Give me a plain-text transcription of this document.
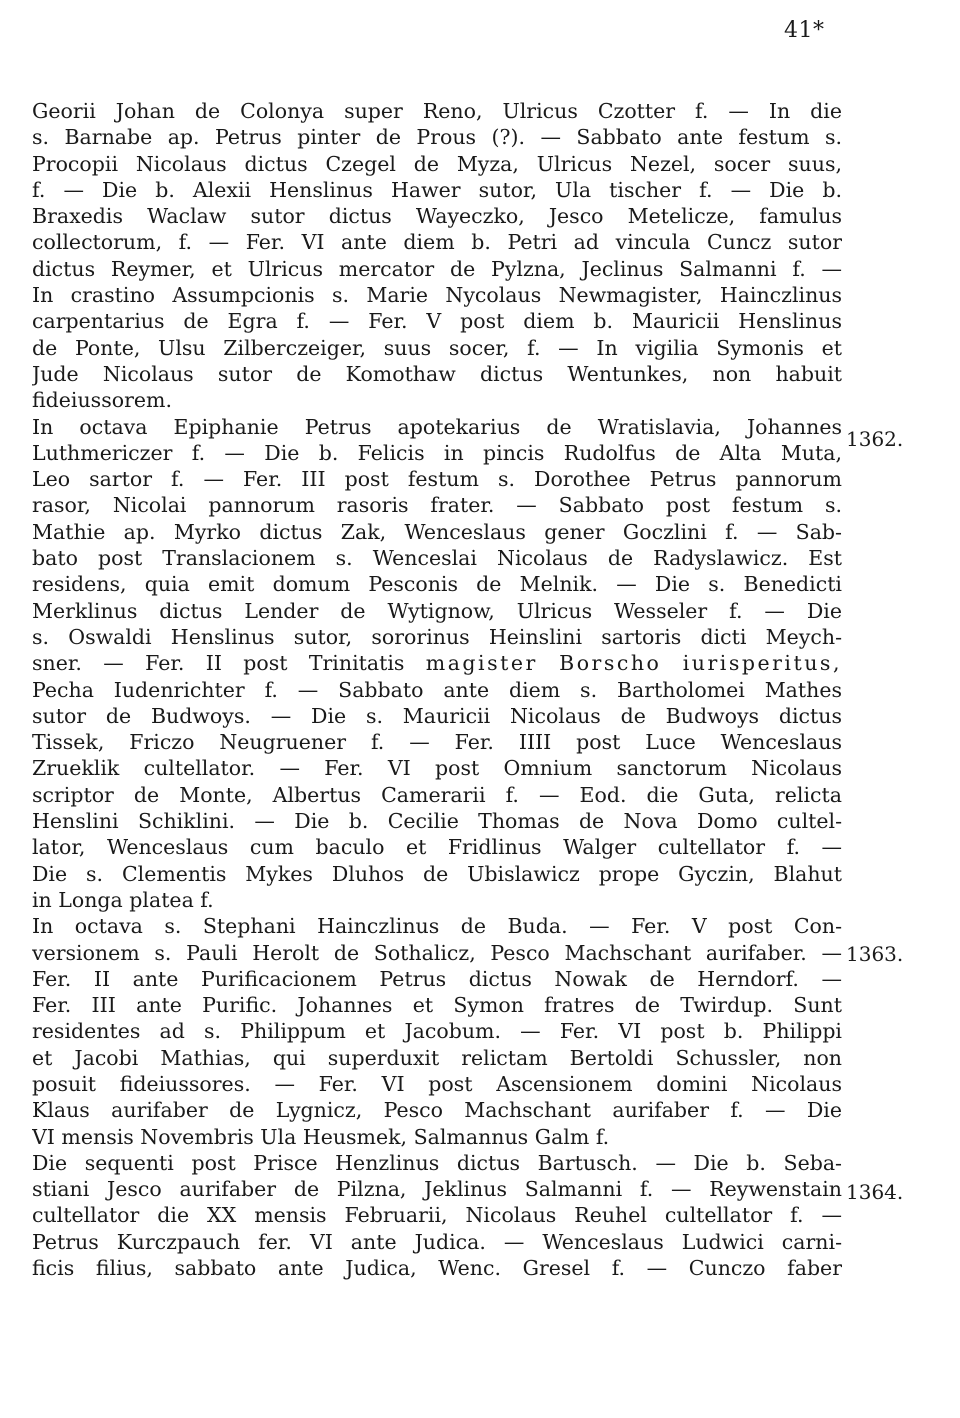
41*
Georii Johan de Colonya super Reno, Ulricus Czotter f. — In die
s. Barnabe ap. Petrus pinter de Prous (?). — Sabbato ante festum s.
Procopii Nicolaus dictus Czegel de Myza, Ulricus Nezel, socer suus,
f. — Die b. Alexii Henslinus Hawer sutor, Ula tischer f. — Die b.
Braxedis Waclaw sutor dictus Wayeczko, Jesco Metelicze, famulus
collectorum, f. — Fer. VI ante diem b. Petri ad vincula Cuncz sutor
dictus Reymer, et Ulricus mercator de Pylzna, Jeclinus Salmanni f. —
In crastino Assumpcionis s. Marie Nycolaus Newmagister, Hainczlinus
carpentarius de Egra f. — Fer. V post diem b. Mauricii Henslinus
de Ponte, Ulsu Zilberczeiger, suus socer, f. — In vigilia Symonis et
Jude Nicolaus sutor de Komothaw dictus Wentunkes, non habuit
fideiussorem.
In octava Epiphanie Petrus apotekarius de Wratislavia, Johannes
Luthmericzer f. — Die b. Felicis in pincis Rudolfus de Alta Muta,
Leo sartor f. — Fer. III post festum s. Dorothee Petrus pannorum
rasor, Nicolai pannorum rasoris frater. — Sabbato post festum s.
Mathie ap. Myrko dictus Zak, Wenceslaus gener Goczlini f. — Sab-
bato post Translacionem s. Wenceslai Nicolaus de Radyslawicz. Est
residens, quia emit domum Pesconis de Melnik. — Die s. Benedicti
Merklinus dictus Lender de Wytignow, Ulricus Wesseler f. — Die
s. Oswaldi Henslinus sutor, sororinus Heinslini sartoris dicti Meych-
sner. — Fer. II post Trinitatis magister Borscho iurisperitus,
Pecha Iudenrichter f. — Sabbato ante diem s. Bartholomei Mathes
sutor de Budwoys. — Die s. Mauricii Nicolaus de Budwoys dictus
Tissek, Friczo Neugruener f. — Fer. IIII post Luce Wenceslaus
Zrueklik cultellator. — Fer. VI post Omnium sanctorum Nicolaus
scriptor de Monte, Albertus Camerarii f. — Eod. die Guta, relicta
Henslini Schiklini. — Die b. Cecilie Thomas de Nova Domo cultel-
lator, Wenceslaus cum baculo et Fridlinus Walger cultellator f. —
Die s. Clementis Mykes Dluhos de Ubislawicz prope Gyczin, Blahut
in Longa platea f.
In octava s. Stephani Hainczlinus de Buda. — Fer. V post Con-
versionem s. Pauli Herolt de Sothalicz, Pesco Machschant aurifaber. —
Fer. II ante Purificacionem Petrus dictus Nowak de Herndorf. —
Fer. III ante Purific. Johannes et Symon fratres de Twirdup. Sunt
residentes ad s. Philippum et Jacobum. — Fer. VI post b. Philippi
et Jacobi Mathias, qui superduxit relictam Bertoldi Schussler, non
posuit fideiussores. — Fer. VI post Ascensionem domini Nicolaus
Klaus aurifaber de Lygnicz, Pesco Machschant aurifaber f. — Die
VI mensis Novembris Ula Heusmek, Salmannus Galm f.
Die sequenti post Prisce Henzlinus dictus Bartusch. — Die b. Seba-
stiani Jesco aurifaber de Pilzna, Jeklinus Salmanni f. — Reywenstain
cultellator die XX mensis Februarii, Nicolaus Reuhel cultellator f. —
Petrus Kurczpauch fer. VI ante Judica. — Wenceslaus Ludwici carni-
ficis filius, sabbato ante Judica, Wenc. Gresel f. — Cunczo faber
1362.
1363.
1364.
